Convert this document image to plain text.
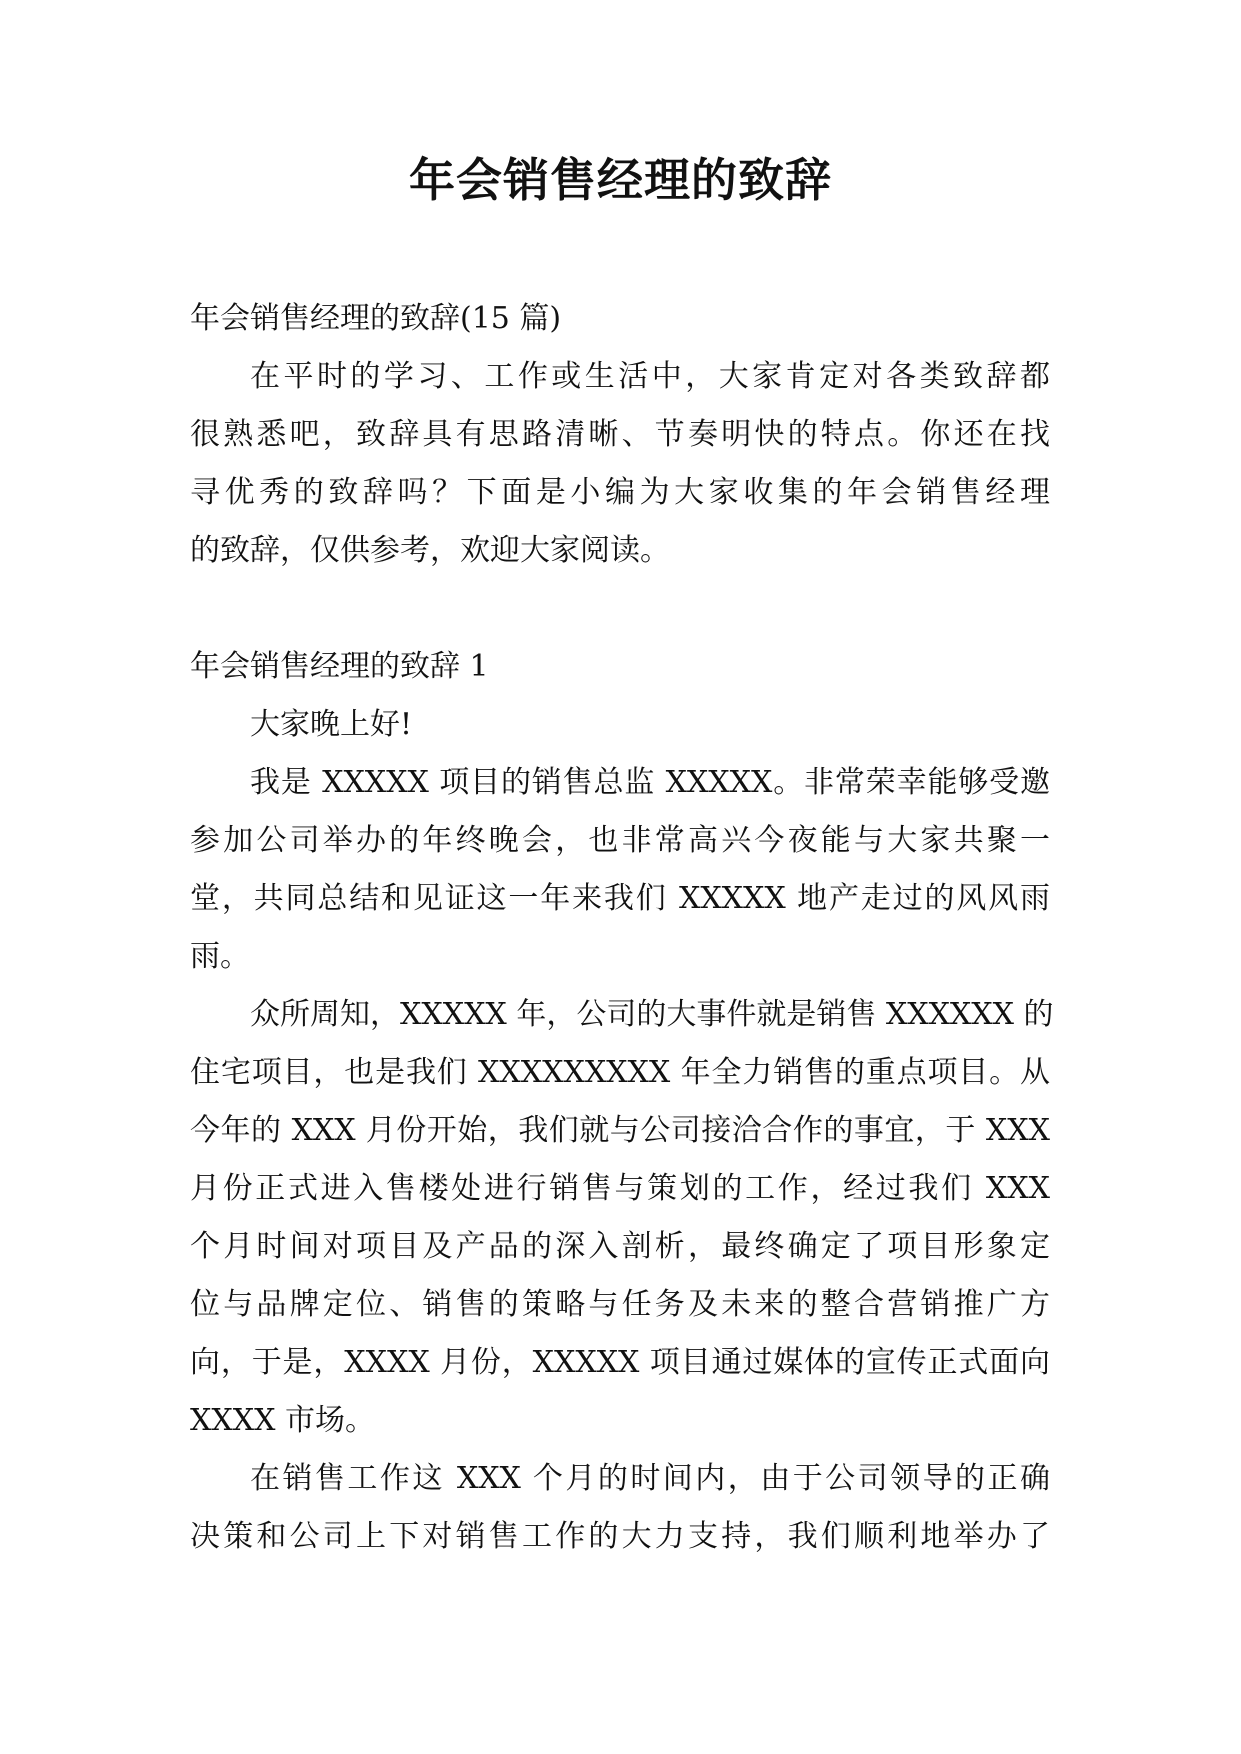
年会销售经理的致辞
年会销售经理的致辞(15 篇)
在平时的学习、工作或生活中，大家肯定对各类致辞都
很熟悉吧，致辞具有思路清晰、节奏明快的特点。你还在找
寻优秀的致辞吗？下面是小编为大家收集的年会销售经理
的致辞，仅供参考，欢迎大家阅读。
年会销售经理的致辞 1
大家晚上好!
我是 XXXXX 项目的销售总监 XXXXX。非常荣幸能够受邀
参加公司举办的年终晚会，也非常高兴今夜能与大家共聚一
堂，共同总结和见证这一年来我们 XXXXX 地产走过的风风雨
雨。
众所周知，XXXXX 年，公司的大事件就是销售 XXXXXX 的
住宅项目，也是我们 XXXXXXXXX 年全力销售的重点项目。从
今年的 XXX 月份开始，我们就与公司接洽合作的事宜，于 XXX
月份正式进入售楼处进行销售与策划的工作，经过我们 XXX
个月时间对项目及产品的深入剖析，最终确定了项目形象定
位与品牌定位、销售的策略与任务及未来的整合营销推广方
向，于是，XXXX 月份，XXXXX 项目通过媒体的宣传正式面向
XXXX 市场。
在销售工作这 XXX 个月的时间内，由于公司领导的正确
决策和公司上下对销售工作的大力支持，我们顺利地举办了
